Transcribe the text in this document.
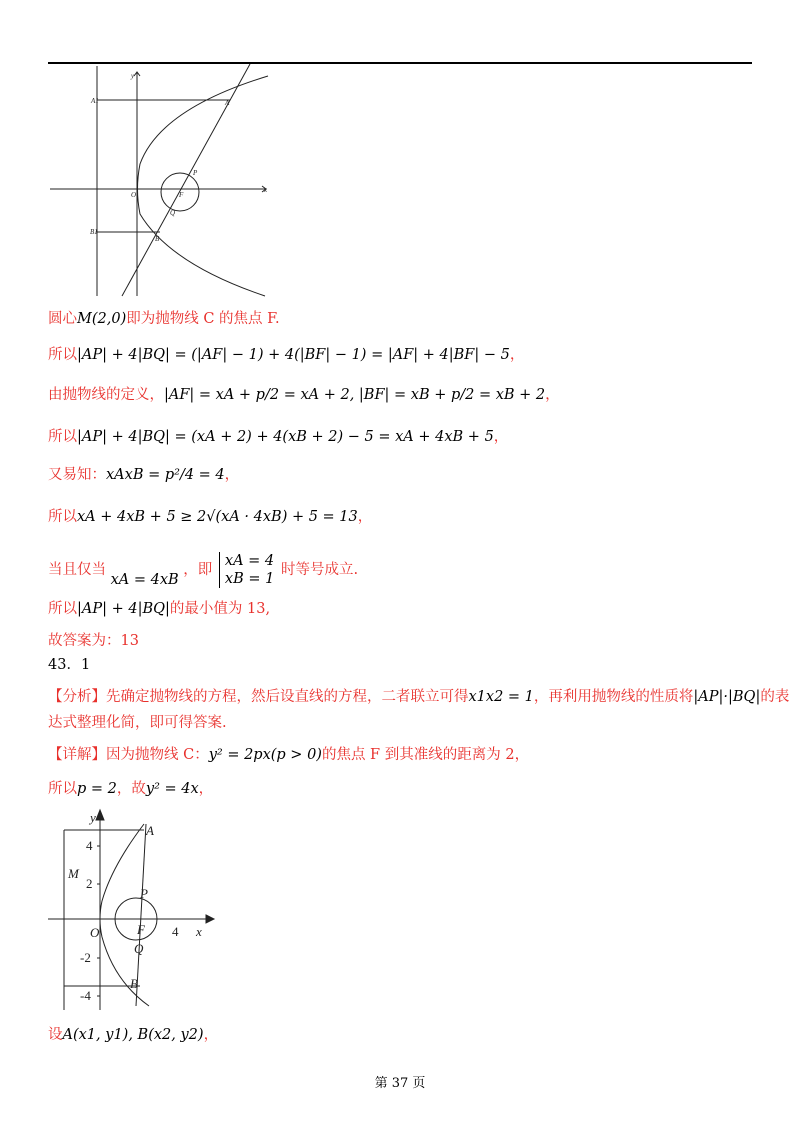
y
x
O
A
A1
B1
B
F
P
Q
圆心M(2,0)即为抛物线 C 的焦点 F.
所以|AP| + 4|BQ| = (|AF| − 1) + 4(|BF| − 1) = |AF| + 4|BF| − 5，
由抛物线的定义，|AF| = xA + p/2 = xA + 2, |BF| = xB + p/2 = xB + 2，
所以|AP| + 4|BQ| = (xA + 2) + 4(xB + 2) − 5 = xA + 4xB + 5，
又易知：xAxB = p²/4 = 4，
所以xA + 4xB + 5 ≥ 2√(xA · 4xB) + 5 = 13，
当且仅当 xA = 4xB ，即
xA = 4
xB = 1
时等号成立.
所以|AP| + 4|BQ|的最小值为 13,
故答案为：13
43．1
【分析】先确定抛物线的方程，然后设直线的方程，二者联立可得x1x2 = 1，再利用抛物线的性质将|AP|·|BQ|的表
达式整理化简，即可得答案.
【详解】因为抛物线 C：y² = 2px(p > 0)的焦点 F 到其准线的距离为 2，
所以p = 2，故y² = 4x，
y
x
O
A
B
F
P
Q
M
4
2
-2
-4
4
设A(x1, y1), B(x2, y2)，
第 37 页
